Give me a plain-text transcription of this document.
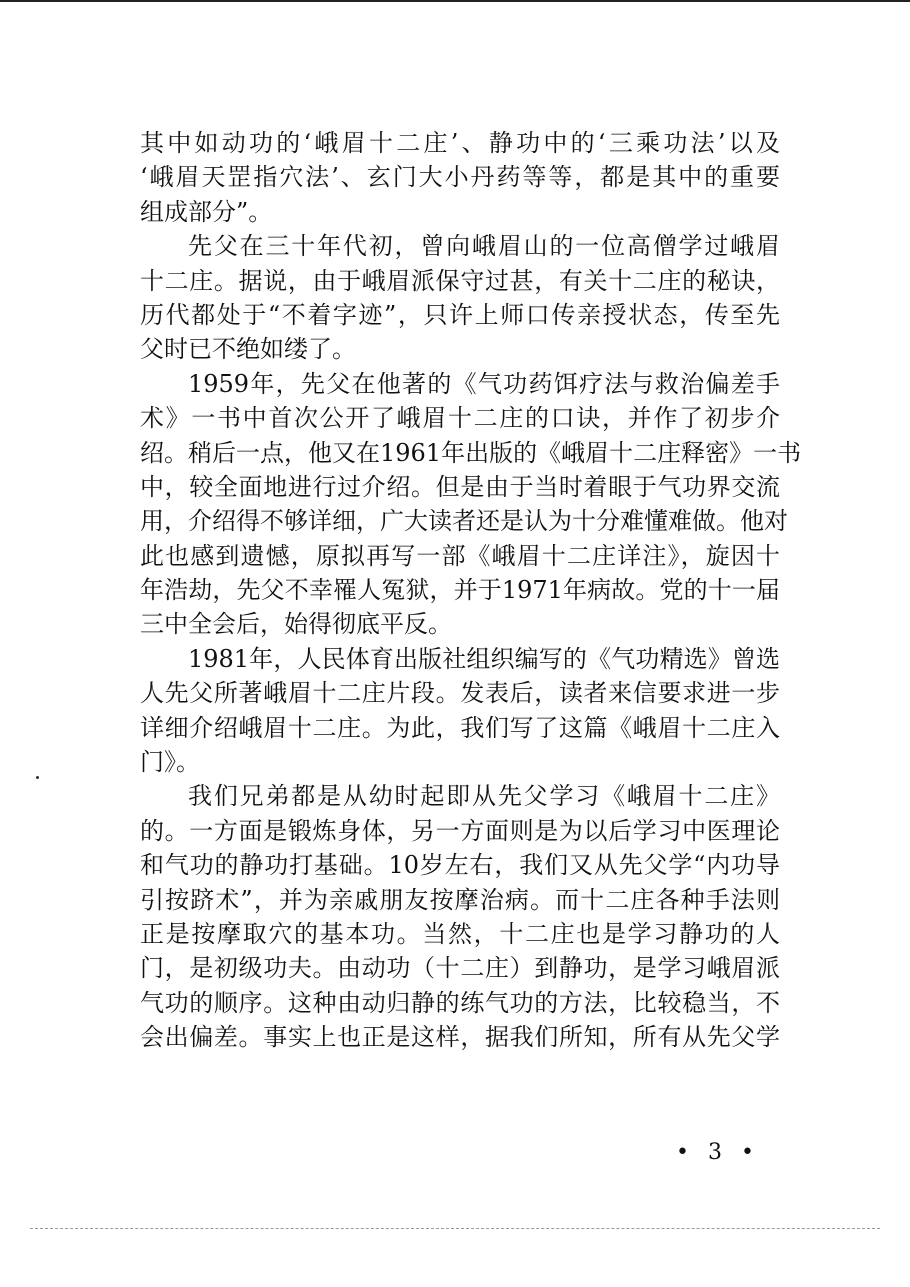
其中如动功的‘峨眉十二庄’、静功中的‘三乘功法’以及
‘峨眉天罡指穴法’、玄门大小丹药等等，都是其中的重要
组成部分”。
先父在三十年代初，曾向峨眉山的一位高僧学过峨眉
十二庄。据说，由于峨眉派保守过甚，有关十二庄的秘诀，
历代都处于“不着字迹”，只许上师口传亲授状态，传至先
父时已不绝如缕了。
1959年，先父在他著的《气功药饵疗法与救治偏差手
术》一书中首次公开了峨眉十二庄的口诀，并作了初步介
绍。稍后一点，他又在1961年出版的《峨眉十二庄释密》一书
中，较全面地进行过介绍。但是由于当时着眼于气功界交流
用，介绍得不够详细，广大读者还是认为十分难懂难做。他对
此也感到遗憾，原拟再写一部《峨眉十二庄详注》，旋因十
年浩劫，先父不幸罹人冤狱，并于1971年病故。党的十一届
三中全会后，始得彻底平反。
1981年，人民体育出版社组织编写的《气功精选》曾选
人先父所著峨眉十二庄片段。发表后，读者来信要求进一步
详细介绍峨眉十二庄。为此，我们写了这篇《峨眉十二庄入
门》。
我们兄弟都是从幼时起即从先父学习《峨眉十二庄》
的。一方面是锻炼身体，另一方面则是为以后学习中医理论
和气功的静功打基础。10岁左右，我们又从先父学“内功导
引按跻术”，并为亲戚朋友按摩治病。而十二庄各种手法则
正是按摩取穴的基本功。当然，十二庄也是学习静功的人
门，是初级功夫。由动功（十二庄）到静功，是学习峨眉派
气功的顺序。这种由动归静的练气功的方法，比较稳当，不
会出偏差。事实上也正是这样，据我们所知，所有从先父学
• 3 •
